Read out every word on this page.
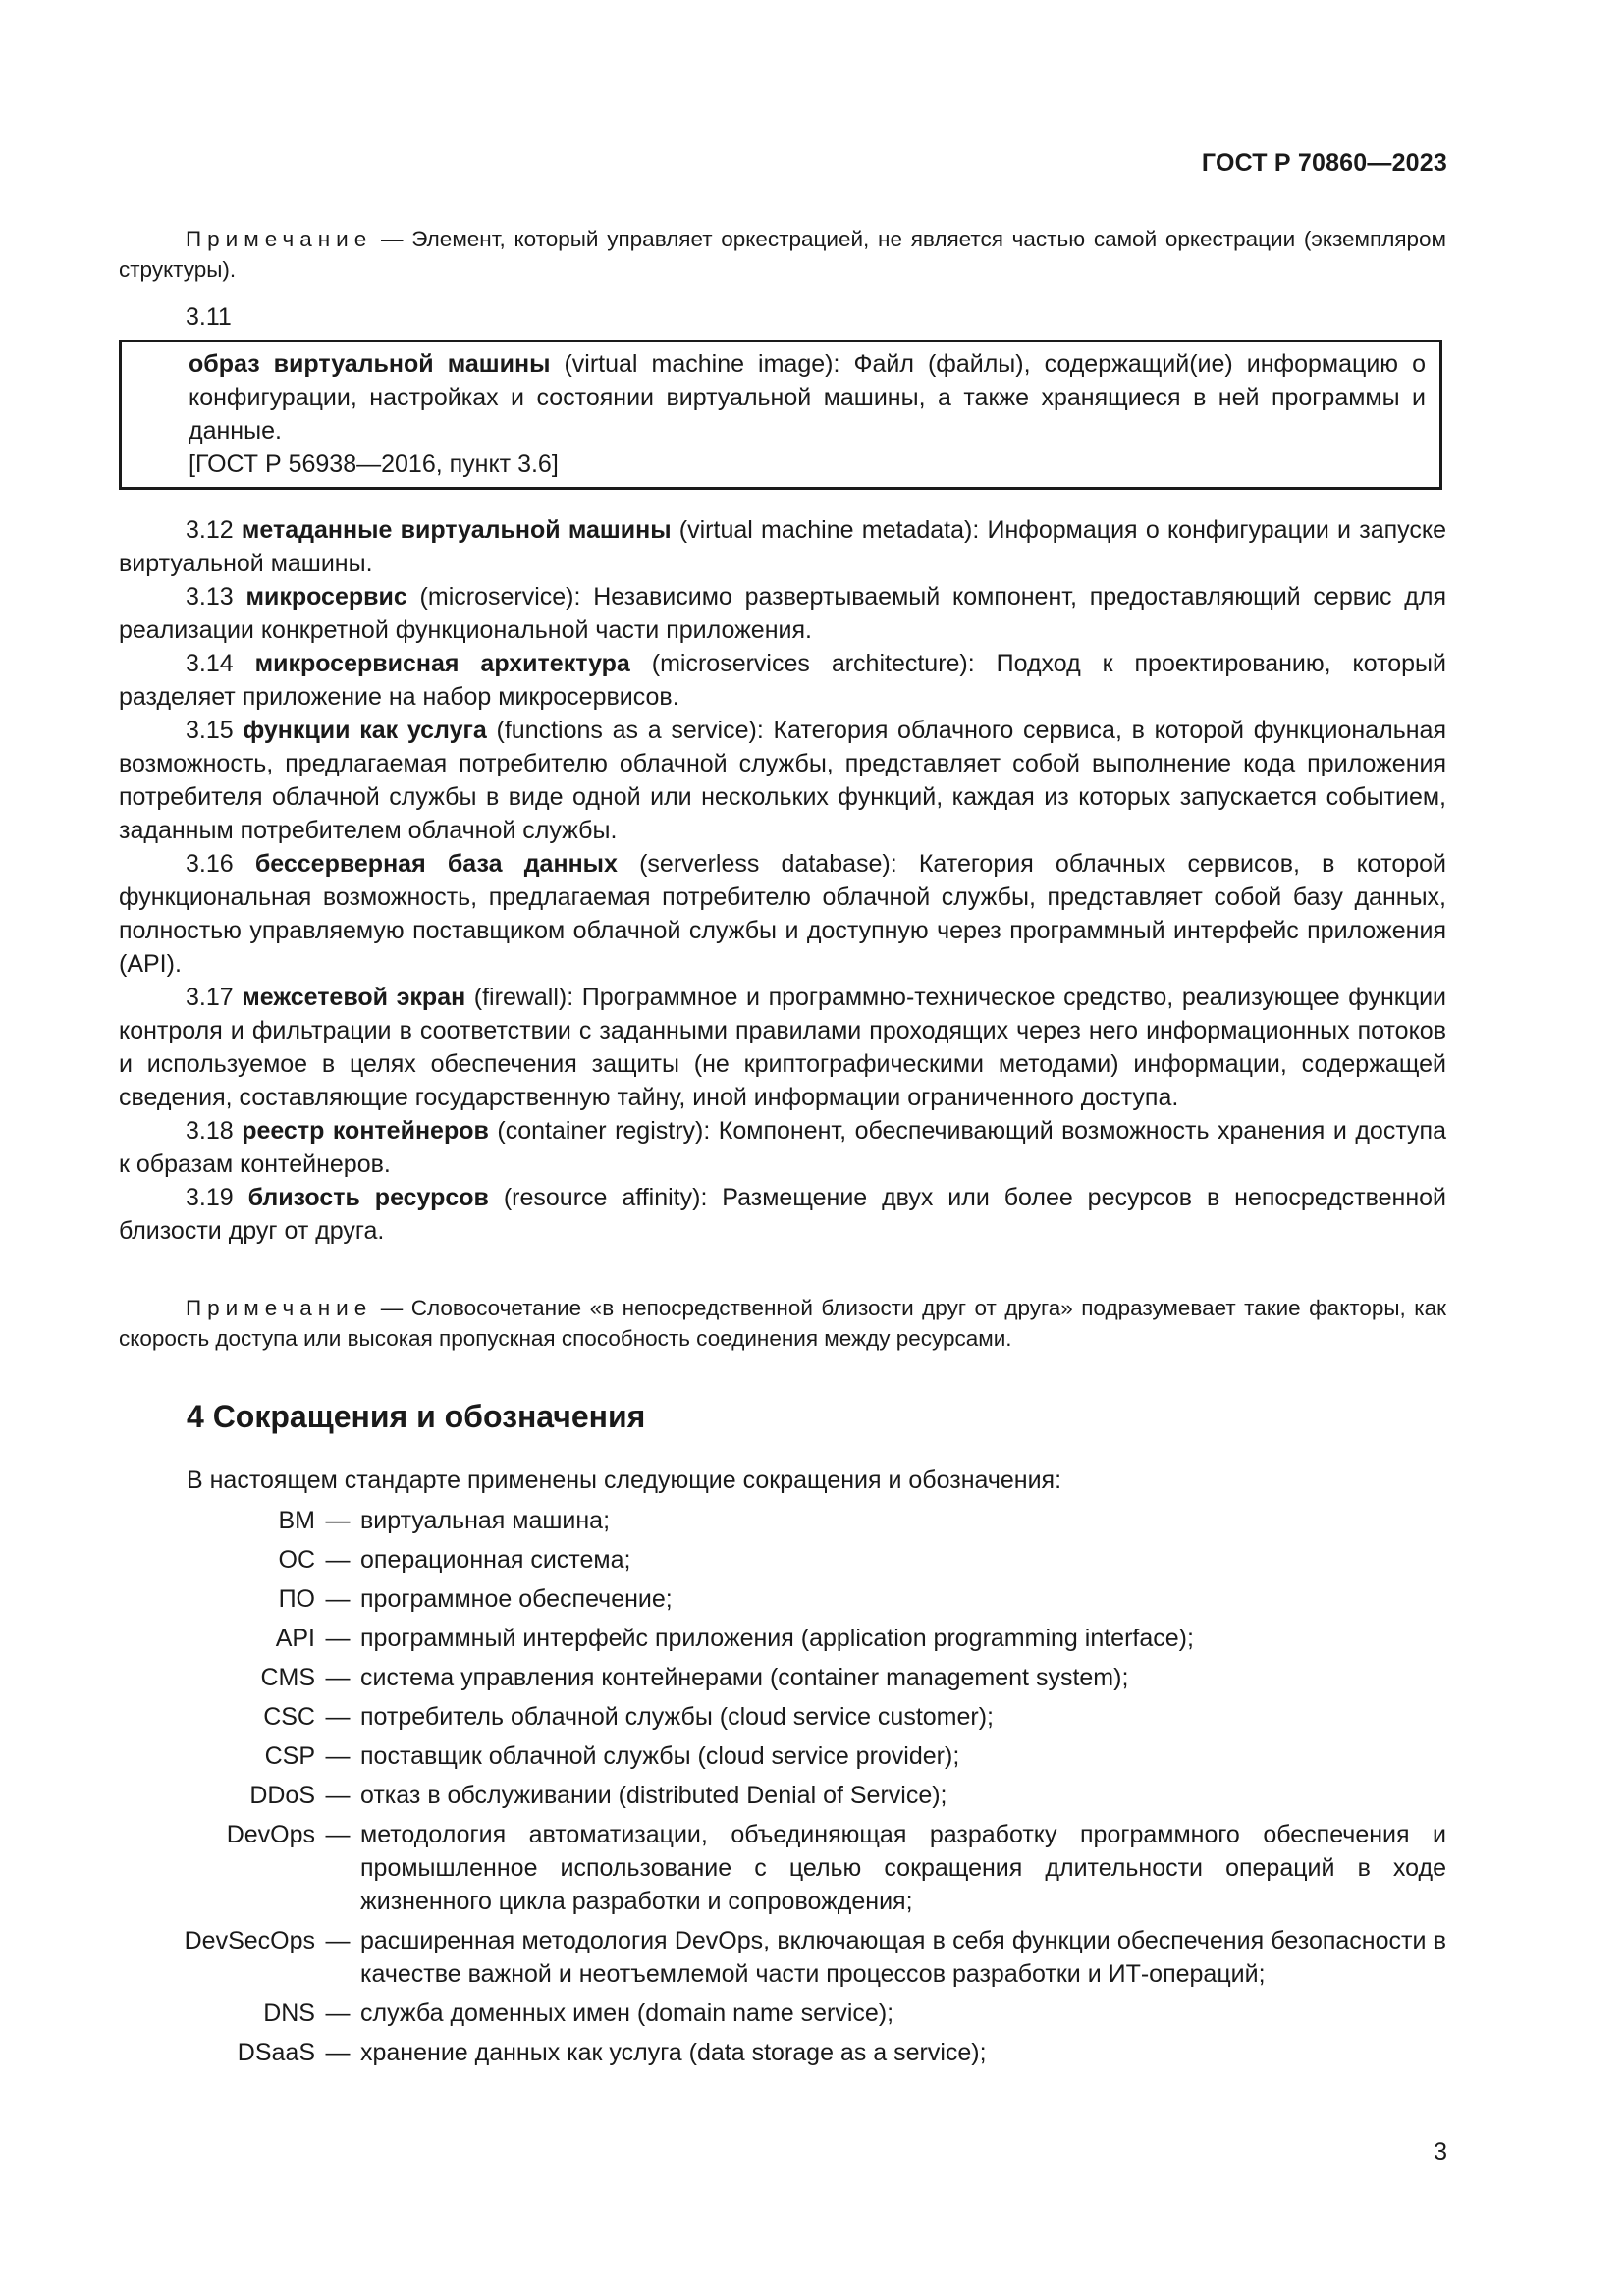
ГОСТ Р 70860—2023

Примечание — Элемент, который управляет оркестрацией, не является частью самой оркестрации (экземпляром структуры).

3.11

образ виртуальной машины (virtual machine image): Файл (файлы), содержащий(ие) информацию о конфигурации, настройках и состоянии виртуальной машины, а также хранящиеся в ней программы и данные.

[ГОСТ Р 56938—2016, пункт 3.6]

3.12 метаданные виртуальной машины (virtual machine metadata): Информация о конфигурации и запуске виртуальной машины.

3.13 микросервис (microservice): Независимо развертываемый компонент, предоставляющий сервис для реализации конкретной функциональной части приложения.

3.14 микросервисная архитектура (microservices architecture): Подход к проектированию, который разделяет приложение на набор микросервисов.

3.15 функции как услуга (functions as a service): Категория облачного сервиса, в которой функциональная возможность, предлагаемая потребителю облачной службы, представляет собой выполнение кода приложения потребителя облачной службы в виде одной или нескольких функций, каждая из которых запускается событием, заданным потребителем облачной службы.

3.16 бессерверная база данных (serverless database): Категория облачных сервисов, в которой функциональная возможность, предлагаемая потребителю облачной службы, представляет собой базу данных, полностью управляемую поставщиком облачной службы и доступную через программный интерфейс приложения (API).

3.17 межсетевой экран (firewall): Программное и программно-техническое средство, реализующее функции контроля и фильтрации в соответствии с заданными правилами проходящих через него информационных потоков и используемое в целях обеспечения защиты (не криптографическими методами) информации, содержащей сведения, составляющие государственную тайну, иной информации ограниченного доступа.

3.18 реестр контейнеров (container registry): Компонент, обеспечивающий возможность хранения и доступа к образам контейнеров.

3.19 близость ресурсов (resource affinity): Размещение двух или более ресурсов в непосредственной близости друг от друга.

Примечание — Словосочетание «в непосредственной близости друг от друга» подразумевает такие факторы, как скорость доступа или высокая пропускная способность соединения между ресурсами.

4 Сокращения и обозначения
В настоящем стандарте применены следующие сокращения и обозначения:
ВМ — виртуальная машина;
ОС — операционная система;
ПО — программное обеспечение;
API — программный интерфейс приложения (application programming interface);
CMS — система управления контейнерами (container management system);
CSC — потребитель облачной службы (cloud service customer);
CSP — поставщик облачной службы (cloud service provider);
DDoS — отказ в обслуживании (distributed Denial of Service);
DevOps — методология автоматизации, объединяющая разработку программного обеспечения и промышленное использование с целью сокращения длительности операций в ходе жизненного цикла разработки и сопровождения;
DevSecOps — расширенная методология DevOps, включающая в себя функции обеспечения безопасности в качестве важной и неотъемлемой части процессов разработки и ИТ-операций;
DNS — служба доменных имен (domain name service);
DSaaS — хранение данных как услуга (data storage as a service);
3
